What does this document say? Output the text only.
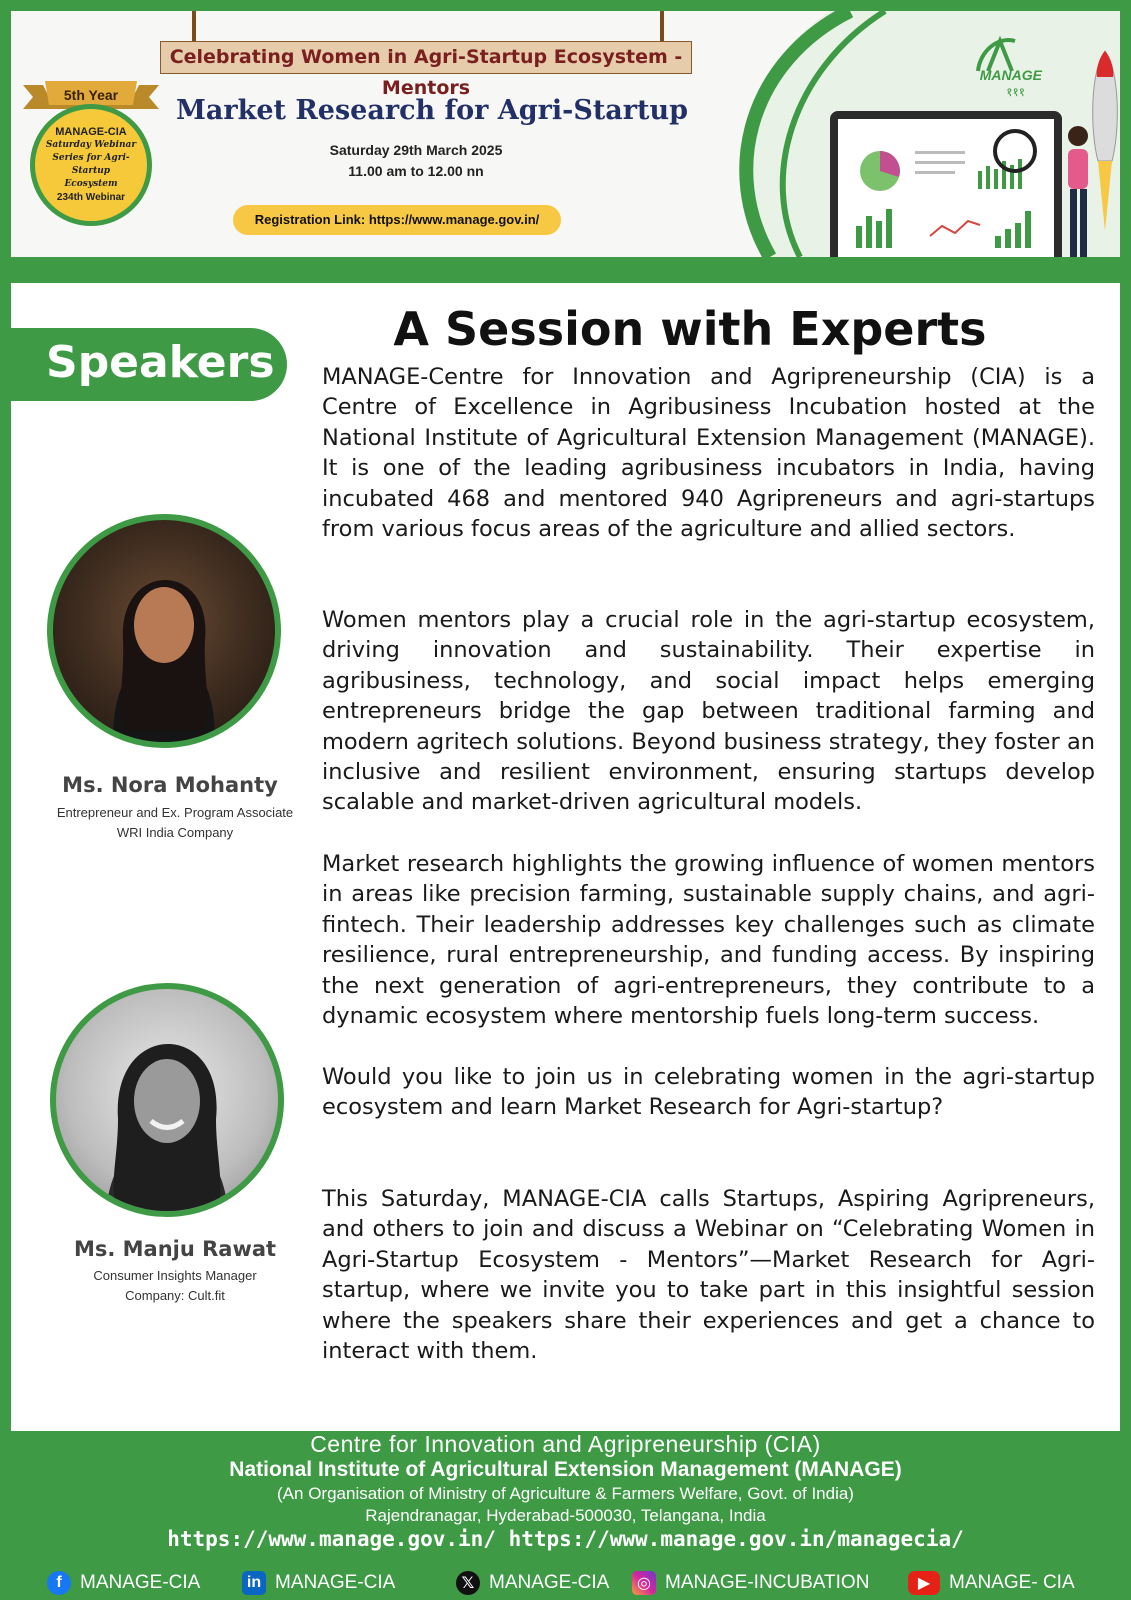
MANAGE
१११
Celebrating Women in Agri-Startup Ecosystem - Mentors
Market Research for Agri-Startup
Saturday 29th March 2025
11.00 am to 12.00 nn
Registration Link: https://www.manage.gov.in/
5th Year
MANAGE-CIA
Saturday Webinar
Series for Agri-Startup
Ecosystem
234th Webinar
Speakers
A Session with Experts
MANAGE-Centre for Innovation and Agripreneurship (CIA) is a Centre of Excellence in Agribusiness Incubation hosted at the National Institute of Agricultural Extension Management (MANAGE). It is one of the leading agribusiness incubators in India, having incubated 468 and mentored 940 Agripreneurs and agri-startups from various focus areas of the agriculture and allied sectors.
Women mentors play a crucial role in the agri-startup ecosystem, driving innovation and sustainability. Their expertise in agribusiness, technology, and social impact helps emerging entrepreneurs bridge the gap between traditional farming and modern agritech solutions. Beyond business strategy, they foster an inclusive and resilient environment, ensuring startups develop scalable and market-driven agricultural models.
Market research highlights the growing influence of women mentors in areas like precision farming, sustainable supply chains, and agri-fintech. Their leadership addresses key challenges such as climate resilience, rural entrepreneurship, and funding access. By inspiring the next generation of agri-entrepreneurs, they contribute to a dynamic ecosystem where mentorship fuels long-term success.
Would you like to join us in celebrating women in the agri-startup ecosystem and learn Market Research for Agri-startup?
This Saturday, MANAGE-CIA calls Startups, Aspiring Agripreneurs, and others to join and discuss a Webinar on “Celebrating Women in Agri-Startup Ecosystem - Mentors”—Market Research for Agri-startup, where we invite you to take part in this insightful session where the speakers share their experiences and get a chance to interact with them.
Ms. Nora Mohanty
Entrepreneur and Ex. Program Associate
WRI India Company
Ms. Manju Rawat
Consumer Insights Manager
Company: Cult.fit
Centre for Innovation and Agripreneurship (CIA)
National Institute of Agricultural Extension Management (MANAGE)
(An Organisation of Ministry of Agriculture & Farmers Welfare, Govt. of India)
Rajendranagar, Hyderabad-500030, Telangana, India
https://www.manage.gov.in/ https://www.manage.gov.in/managecia/
f MANAGE-CIA	in MANAGE-CIA	𝕏 MANAGE-CIA	◎ MANAGE-INCUBATION	▶ MANAGE- CIA
